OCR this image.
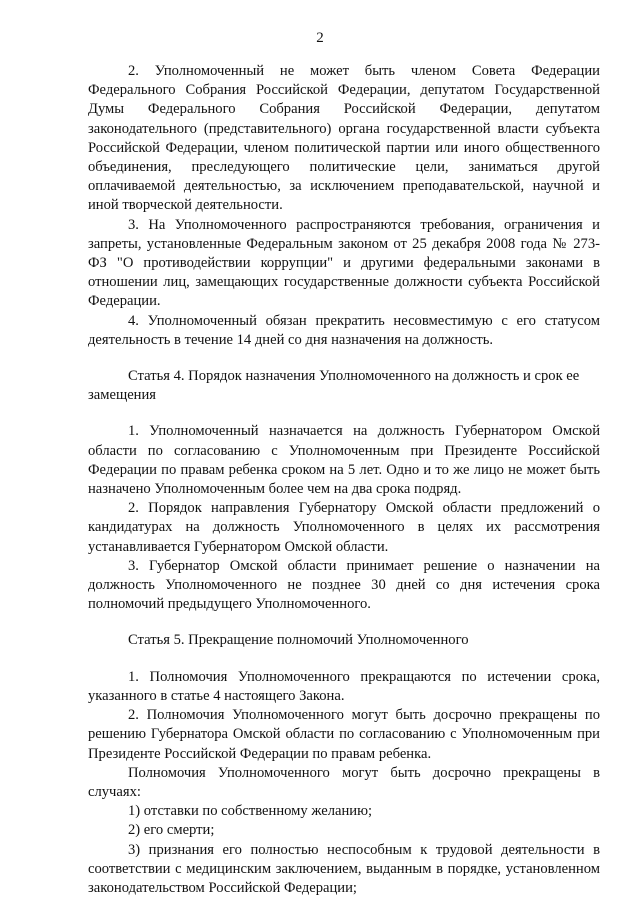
2

2. Уполномоченный не может быть членом Совета Федерации Федерального Собрания Российской Федерации, депутатом Государственной Думы Федерального Собрания Российской Федерации, депутатом законодательного (представительного) органа государственной власти субъекта Российской Федерации, членом политической партии или иного общественного объединения, преследующего политические цели, заниматься другой оплачиваемой деятельностью, за исключением преподавательской, научной и иной творческой деятельности.

3. На Уполномоченного распространяются требования, ограничения и запреты, установленные Федеральным законом от 25 декабря 2008 года № 273-ФЗ "О противодействии коррупции" и другими федеральными законами в отношении лиц, замещающих государственные должности субъекта Российской Федерации.

4. Уполномоченный обязан прекратить несовместимую с его статусом деятельность в течение 14 дней со дня назначения на должность.

Статья 4. Порядок назначения Уполномоченного на должность и срок ее замещения

1. Уполномоченный назначается на должность Губернатором Омской области по согласованию с Уполномоченным при Президенте Российской Федерации по правам ребенка сроком на 5 лет. Одно и то же лицо не может быть назначено Уполномоченным более чем на два срока подряд.

2. Порядок направления Губернатору Омской области предложений о кандидатурах на должность Уполномоченного в целях их рассмотрения устанавливается Губернатором Омской области.

3. Губернатор Омской области принимает решение о назначении на должность Уполномоченного не позднее 30 дней со дня истечения срока полномочий предыдущего Уполномоченного.

Статья 5. Прекращение полномочий Уполномоченного

1. Полномочия Уполномоченного прекращаются по истечении срока, указанного в статье 4 настоящего Закона.

2. Полномочия Уполномоченного могут быть досрочно прекращены по решению Губернатора Омской области по согласованию с Уполномоченным при Президенте Российской Федерации по правам ребенка.

Полномочия Уполномоченного могут быть досрочно прекращены в случаях:

1) отставки по собственному желанию;

2) его смерти;

3) признания его полностью неспособным к трудовой деятельности в соответствии с медицинским заключением, выданным в порядке, установленном законодательством Российской Федерации;
